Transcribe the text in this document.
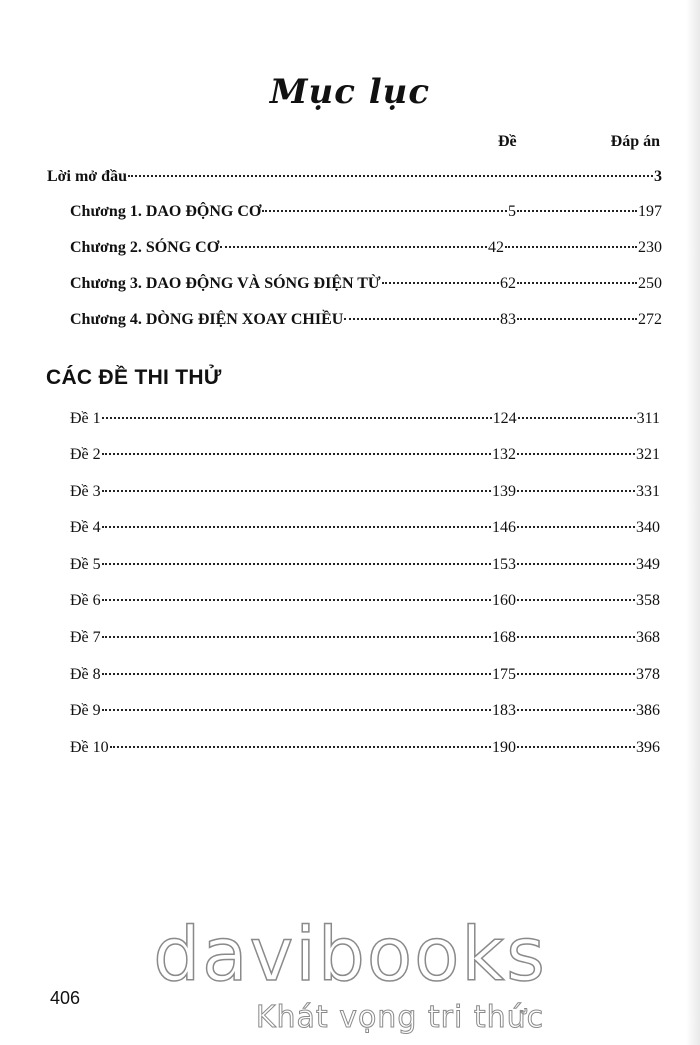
Mục lục
Đề	Đáp án
Lời mở đầu	3
Chương 1. DAO ĐỘNG CƠ	5	197
Chương 2. SÓNG CƠ	42	230
Chương 3. DAO ĐỘNG VÀ SÓNG ĐIỆN TỪ	62	250
Chương 4. DÒNG ĐIỆN XOAY CHIỀU	83	272
CÁC ĐỀ THI THỬ
Đề 1	124	311
Đề 2	132	321
Đề 3	139	331
Đề 4	146	340
Đề 5	153	349
Đề 6	160	358
Đề 7	168	368
Đề 8	175	378
Đề 9	183	386
Đề 10	190	396
davibooks
406
Khát vọng tri thức
